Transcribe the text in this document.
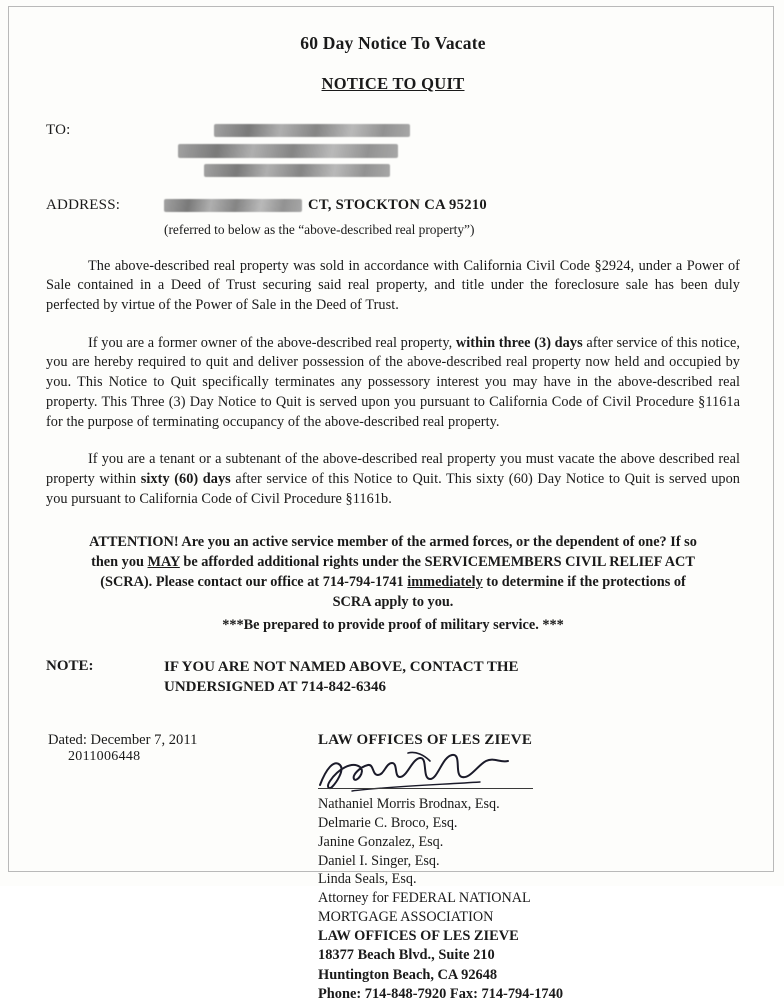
60 Day Notice To Vacate
NOTICE TO QUIT
TO:

ADDRESS:	CT, STOCKTON CA 95210
(referred to below as the “above-described real property”)

The above-described real property was sold in accordance with California Civil Code §2924, under a Power of Sale contained in a Deed of Trust securing said real property, and title under the foreclosure sale has been duly perfected by virtue of the Power of Sale in the Deed of Trust.

If you are a former owner of the above-described real property, within three (3) days after service of this notice, you are hereby required to quit and deliver possession of the above-described real property now held and occupied by you. This Notice to Quit specifically terminates any possessory interest you may have in the above-described real property. This Three (3) Day Notice to Quit is served upon you pursuant to California Code of Civil Procedure §1161a for the purpose of terminating occupancy of the above-described real property.

If you are a tenant or a subtenant of the above-described real property you must vacate the above described real property within sixty (60) days after service of this Notice to Quit. This sixty (60) Day Notice to Quit is served upon you pursuant to California Code of Civil Procedure §1161b.

ATTENTION! Are you an active service member of the armed forces, or the dependent of one? If so
then you MAY be afforded additional rights under the SERVICEMEMBERS CIVIL RELIEF ACT
(SCRA). Please contact our office at 714-794-1741 immediately to determine if the protections of
SCRA apply to you.
***Be prepared to provide proof of military service. ***
NOTE:	IF YOU ARE NOT NAMED ABOVE, CONTACT THE
UNDERSIGNED AT 714-842-6346
Dated: December 7, 2011	LAW OFFICES OF LES ZIEVE
Nathaniel Morris Brodnax, Esq.
Delmarie C. Broco, Esq.
Janine Gonzalez, Esq.
Daniel I. Singer, Esq.
Linda Seals, Esq.
Attorney for FEDERAL NATIONAL
MORTGAGE ASSOCIATION
LAW OFFICES OF LES ZIEVE
18377 Beach Blvd., Suite 210
Huntington Beach, CA 92648
Phone: 714-848-7920 Fax: 714-794-1740
2011006448
